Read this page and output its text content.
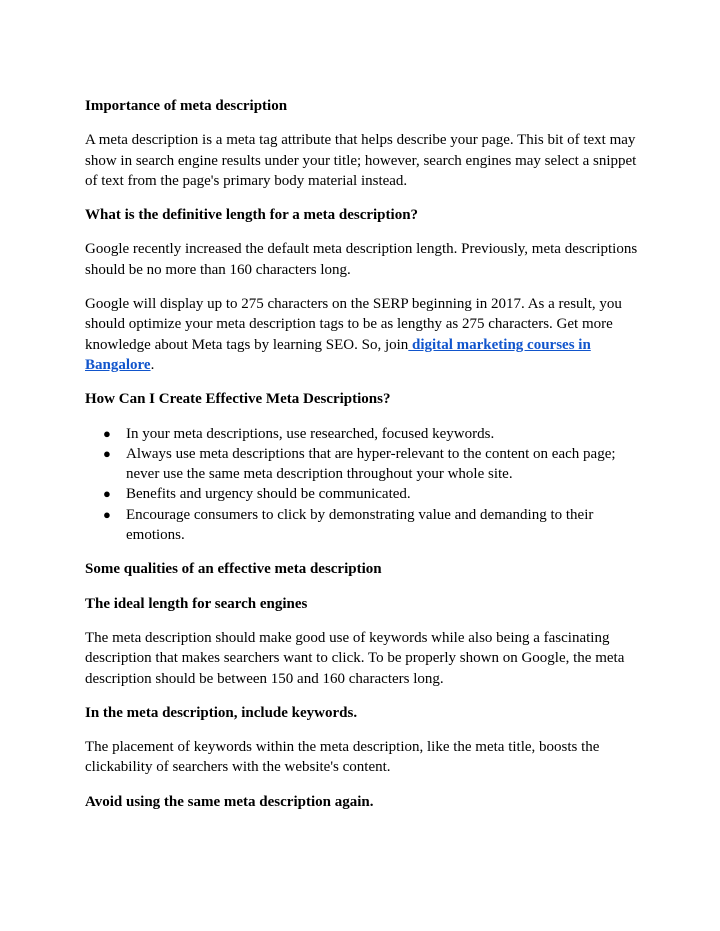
Importance of meta description

A meta description is a meta tag attribute that helps describe your page. This bit of text may show in search engine results under your title; however, search engines may select a snippet of text from the page's primary body material instead.

What is the definitive length for a meta description?

Google recently increased the default meta description length. Previously, meta descriptions should be no more than 160 characters long.

Google will display up to 275 characters on the SERP beginning in 2017. As a result, you should optimize your meta description tags to be as lengthy as 275 characters. Get more knowledge about Meta tags by learning SEO. So, join digital marketing courses in Bangalore.

How Can I Create Effective Meta Descriptions?

● In your meta descriptions, use researched, focused keywords.
● Always use meta descriptions that are hyper-relevant to the content on each page; never use the same meta description throughout your whole site.
● Benefits and urgency should be communicated.
● Encourage consumers to click by demonstrating value and demanding to their emotions.

Some qualities of an effective meta description

The ideal length for search engines

The meta description should make good use of keywords while also being a fascinating description that makes searchers want to click. To be properly shown on Google, the meta description should be between 150 and 160 characters long.

In the meta description, include keywords.

The placement of keywords within the meta description, like the meta title, boosts the clickability of searchers with the website's content.

Avoid using the same meta description again.
